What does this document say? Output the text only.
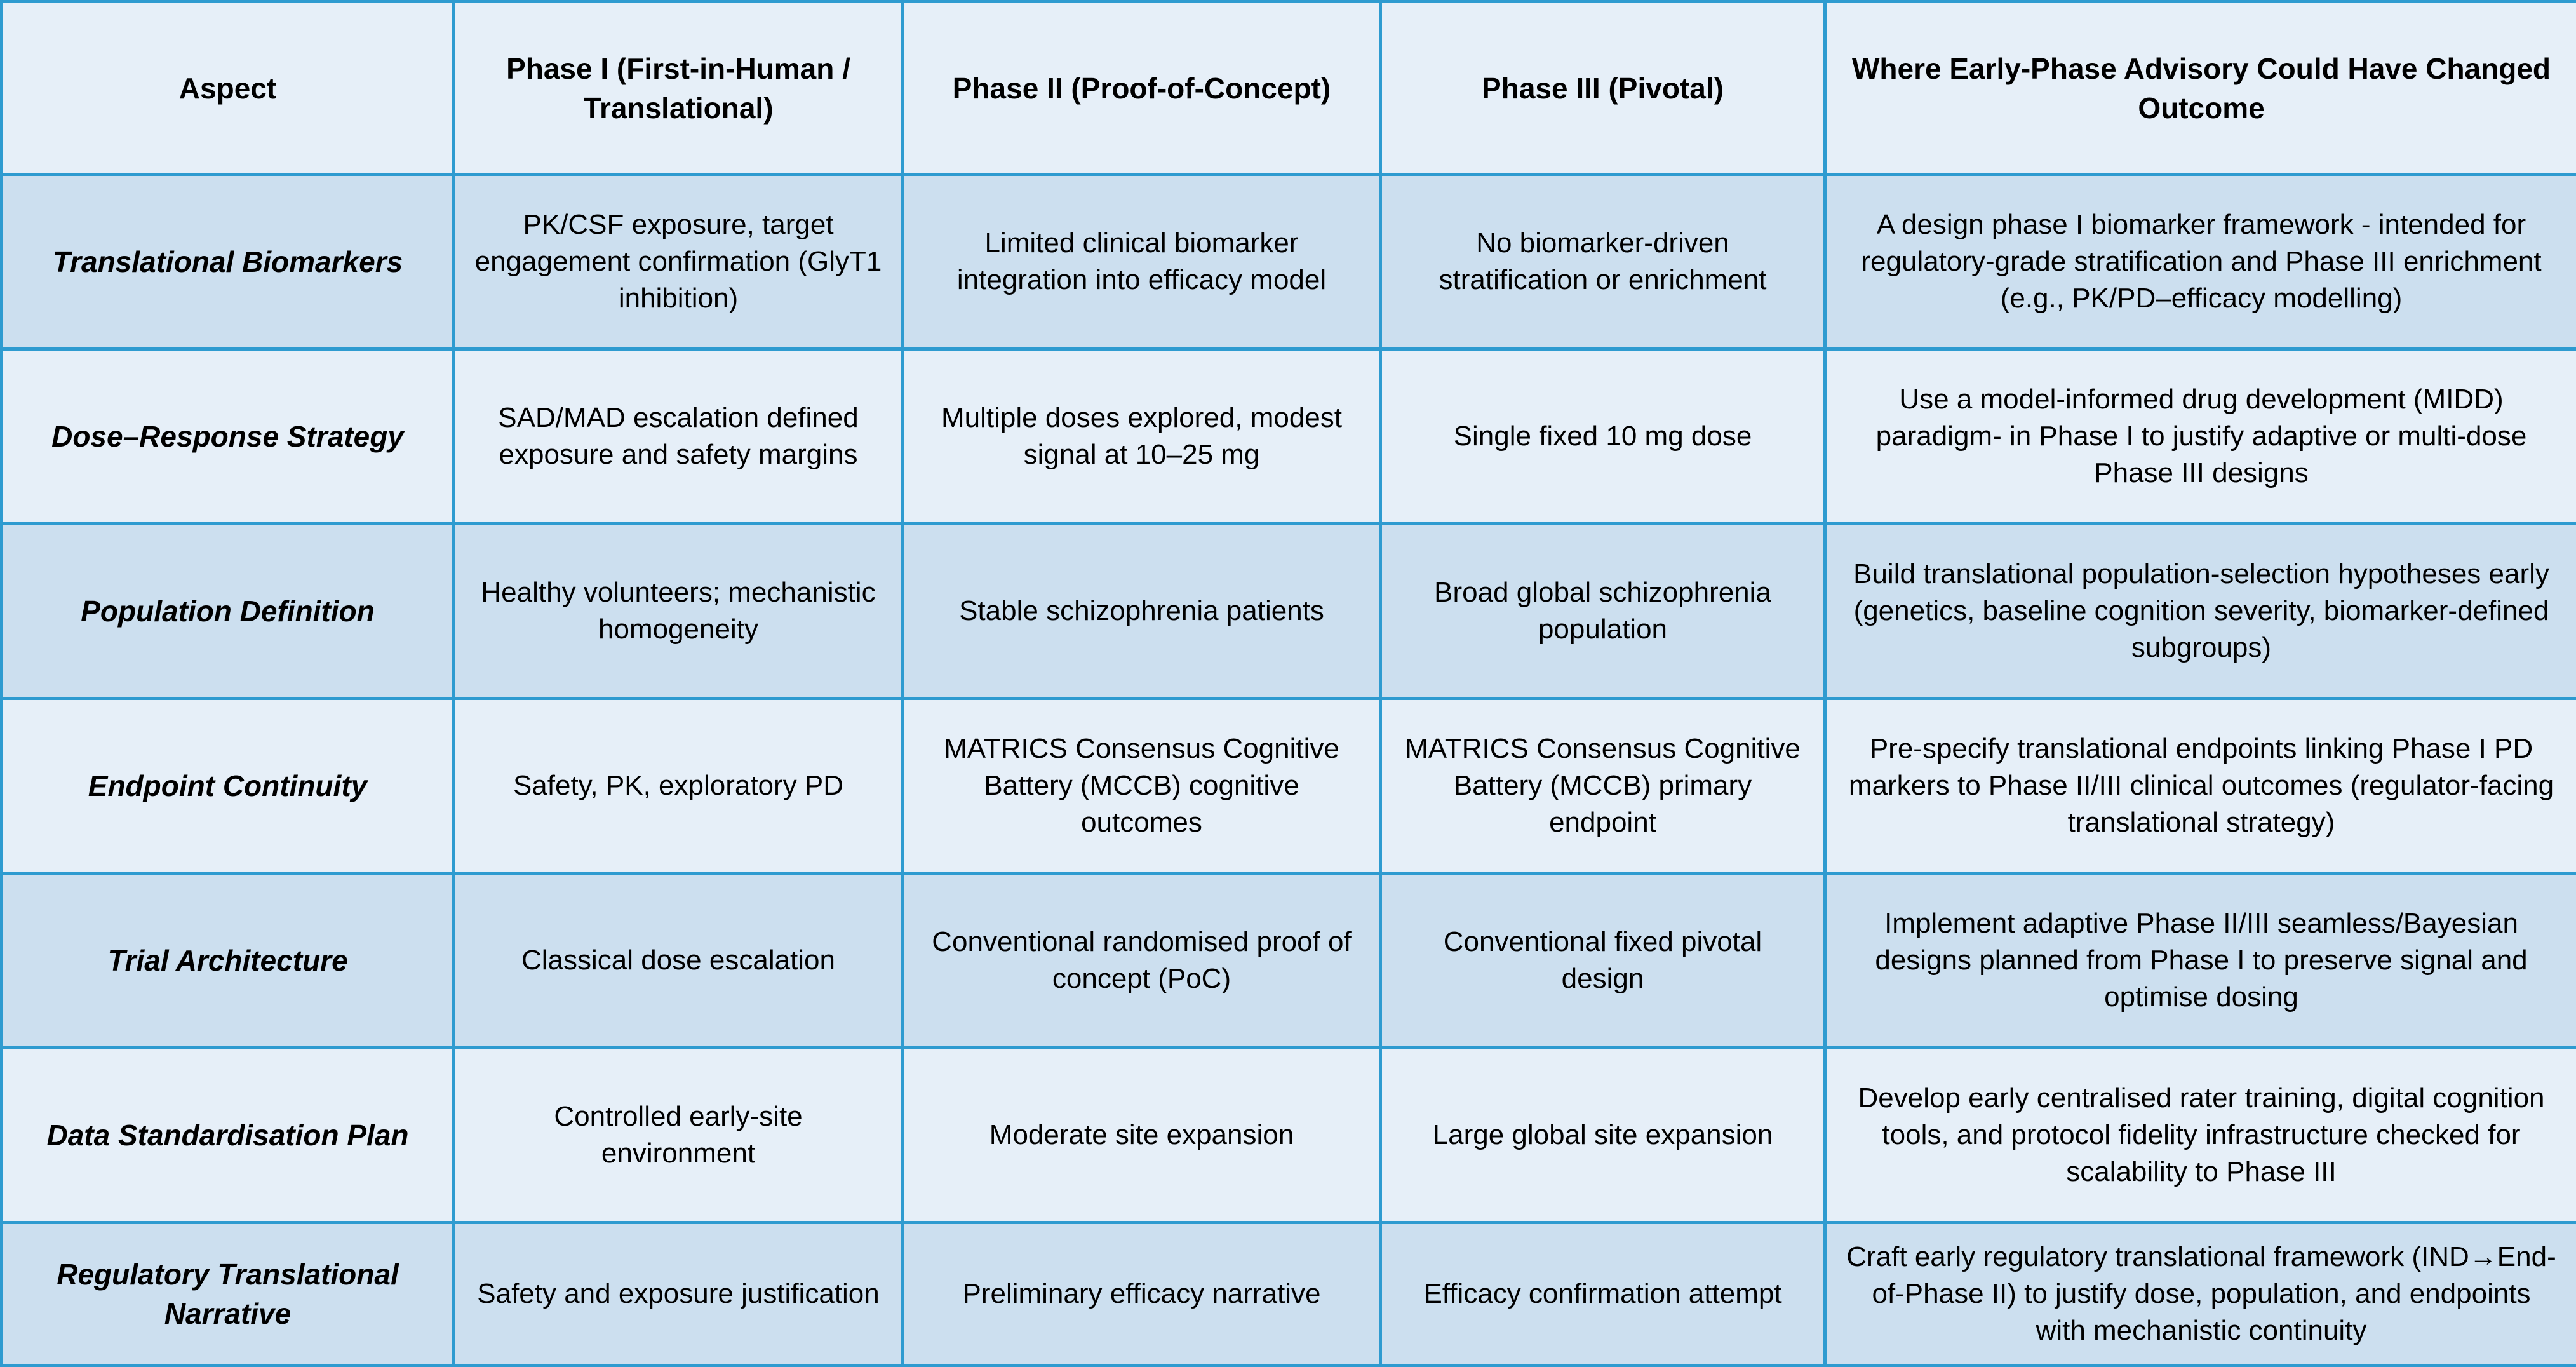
Aspect	Phase I (First-in-Human / Translational)	Phase II (Proof-of-Concept)	Phase III (Pivotal)	Where Early-Phase Advisory Could Have Changed Outcome
Translational Biomarkers	PK/CSF exposure, target engagement confirmation (GlyT1 inhibition)	Limited clinical biomarker integration into efficacy model	No biomarker-driven stratification or enrichment	A design phase I biomarker framework - intended for regulatory-grade stratification and Phase III enrichment (e.g., PK/PD–efficacy modelling)
Dose–Response Strategy	SAD/MAD escalation defined exposure and safety margins	Multiple doses explored, modest signal at 10–25 mg	Single fixed 10 mg dose	Use a model-informed drug development (MIDD) paradigm- in Phase I to justify adaptive or multi-dose Phase III designs
Population Definition	Healthy volunteers; mechanistic homogeneity	Stable schizophrenia patients	Broad global schizophrenia population	Build translational population-selection hypotheses early (genetics, baseline cognition severity, biomarker-defined subgroups)
Endpoint Continuity	Safety, PK, exploratory PD	MATRICS Consensus Cognitive Battery (MCCB) cognitive outcomes	MATRICS Consensus Cognitive Battery (MCCB) primary endpoint	Pre-specify translational endpoints linking Phase I PD markers to Phase II/III clinical outcomes (regulator-facing translational strategy)
Trial Architecture	Classical dose escalation	Conventional randomised proof of concept (PoC)	Conventional fixed pivotal design	Implement adaptive Phase II/III seamless/Bayesian designs planned from Phase I to preserve signal and optimise dosing
Data Standardisation Plan	Controlled early-site environment	Moderate site expansion	Large global site expansion	Develop early centralised rater training, digital cognition tools, and protocol fidelity infrastructure checked for scalability to Phase III
Regulatory Translational Narrative	Safety and exposure justification	Preliminary efficacy narrative	Efficacy confirmation attempt	Craft early regulatory translational framework (IND→End-of-Phase II) to justify dose, population, and endpoints with mechanistic continuity
